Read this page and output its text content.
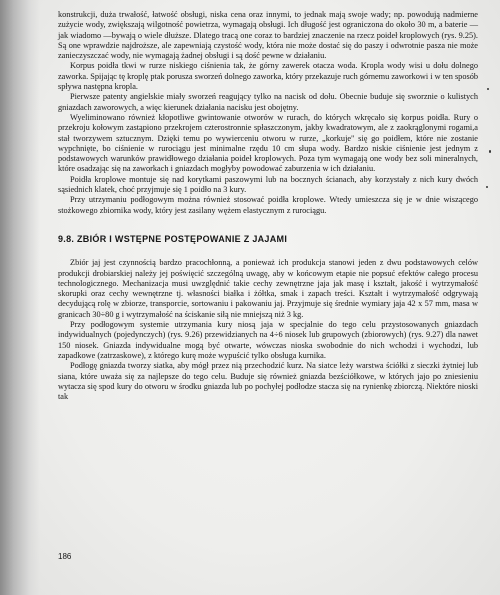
konstrukcji, duża trwałość, łatwość obsługi, niska cena oraz innymi, to jednak mają swoje wady; np. powodują nadmierne zużycie wody, zwiększają wilgotność powietrza, wymagają obsługi. Ich długość jest ograniczona do około 30 m, a baterie — jak wiadomo —bywają o wiele dłuższe. Dlatego tracą one coraz to bardziej znaczenie na rzecz poideł kroplowych (rys. 9.25). Są one wprawdzie najdroższe, ale zapewniają czystość wody, która nie może dostać się do paszy i odwrotnie pasza nie może zanieczyszczać wody, nie wymagają żadnej obsługi i są dość pewne w działaniu.

Korpus poidła tkwi w rurze niskiego ciśnienia tak, że górny zawerek otacza woda. Kropla wody wisi u dołu dolnego zaworka. Spijając tę kroplę ptak porusza sworzeń dolnego zaworka, który przekazuje ruch górnemu zaworkowi i w ten sposób spływa następna kropla.

Pierwsze patenty angielskie miały sworzeń reagujący tylko na nacisk od dołu. Obecnie buduje się sworznie o kulistych gniazdach zaworowych, a więc kierunek działania nacisku jest obojętny.

Wyeliminowano również kłopotliwe gwintowanie otworów w rurach, do których wkręcało się korpus poidła. Rury o przekroju kołowym zastąpiono przekrojem czterostronnie spłaszczonym, jakby kwadratowym, ale z zaokrąglonymi rogami,a stał tworzywem sztucznym. Dzięki temu po wywierceniu otworu w rurze, „korkuje" się go poidłem, które nie zostanie wypchnięte, bo ciśnienie w rurociągu jest minimalne rzędu 10 cm słupa wody. Bardzo niskie ciśnienie jest jednym z podstawowych warunków prawidłowego działania poideł kroplowych. Poza tym wymagają one wody bez soli mineralnych, które osadzając się na zaworkach i gniazdach mogłyby powodować zaburzenia w ich działaniu.

Poidła kroplowe montuje się nad korytkami paszowymi lub na bocznych ścianach, aby korzystały z nich kury dwóch sąsiednich klatek, choć przyjmuje się 1 poidło na 3 kury.

Przy utrzymaniu podłogowym można również stosować poidła kroplowe. Wtedy umieszcza się je w dnie wiszącego stożkowego zbiornika wody, który jest zasilany wężem elastycznym z rurociągu.

9.8. ZBIÓR I WSTĘPNE POSTĘPOWANIE Z JAJAMI

Zbiór jaj jest czynnością bardzo pracochłonną, a ponieważ ich produkcja stanowi jeden z dwu podstawowych celów produkcji drobiarskiej należy jej poświęcić szczególną uwagę, aby w końcowym etapie nie popsuć efektów całego procesu technologicznego. Mechanizacja musi uwzględnić takie cechy zewnętrzne jaja jak masę i kształt, jakość i wytrzymałość skorupki oraz cechy wewnętrzne tj. własności białka i żółtka, smak i zapach treści. Kształt i wytrzymałość odgrywają decydującą rolę w zbiorze, transporcie, sortowaniu i pakowaniu jaj. Przyjmuje się średnie wymiary jaja 42 x 57 mm, masa w granicach 30÷80 g i wytrzymałość na ściskanie siłą nie mniejszą niż 3 kg.

Przy podłogowym systemie utrzymania kury niosą jaja w specjalnie do tego celu przystosowanych gniazdach indywidualnych (pojedynczych) (rys. 9.26) przewidzianych na 4÷6 niosek lub grupowych (zbiorowych) (rys. 9.27) dla nawet 150 niosek. Gniazda indywidualne mogą być otwarte, wówczas nioska swobodnie do nich wchodzi i wychodzi, lub zapadkowe (zatrzaskowe), z którego kurę może wypuścić tylko obsługa kurnika.

Podłogę gniazda tworzy siatka, aby mógł przez nią przechodzić kurz. Na siatce leży warstwa ściółki z sieczki żytniej lub siana, które uważa się za najlepsze do tego celu. Buduje się również gniazda bezściółkowe, w których jajo po zniesieniu wytacza się spod kury do otworu w środku gniazda lub po pochyłej podłodze stacza się na rynienkę zbiorczą. Niektóre nioski tak

186
